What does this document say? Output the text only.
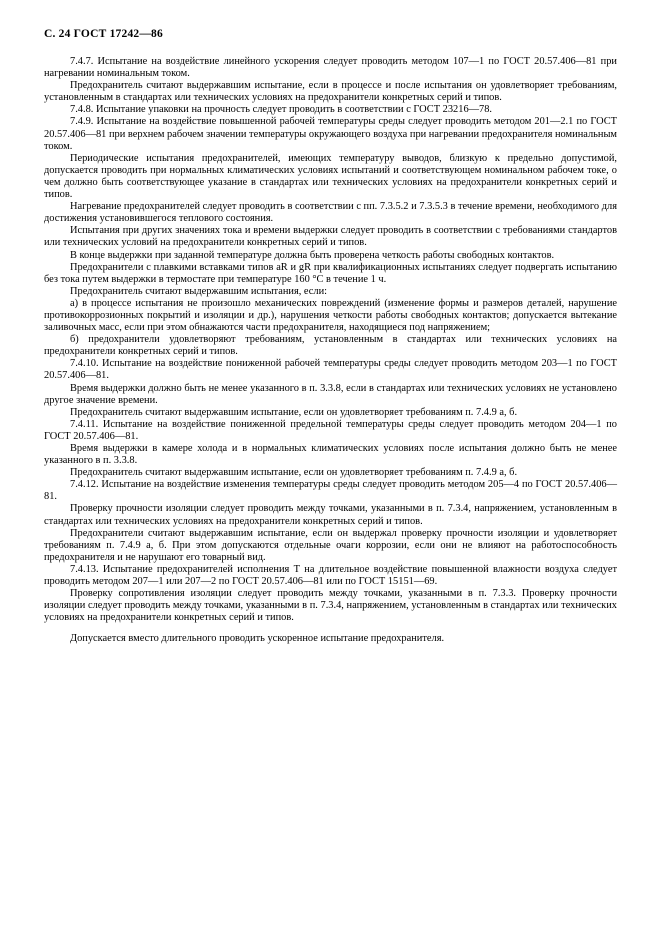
С. 24 ГОСТ 17242—86

7.4.7. Испытание на воздействие линейного ускорения следует проводить методом 107—1 по ГОСТ 20.57.406—81 при нагревании номинальным током.

Предохранитель считают выдержавшим испытание, если в процессе и после испытания он удовлетворяет требованиям, установленным в стандартах или технических условиях на предохранители конкретных серий и типов.

7.4.8. Испытание упаковки на прочность следует проводить в соответствии с ГОСТ 23216—78.

7.4.9. Испытание на воздействие повышенной рабочей температуры среды следует проводить методом 201—2.1 по ГОСТ 20.57.406—81 при верхнем рабочем значении температуры окружающего воздуха при нагревании предохранителя номинальным током.

Периодические испытания предохранителей, имеющих температуру выводов, близкую к предельно допустимой, допускается проводить при нормальных климатических условиях испытаний и соответствующем номинальном рабочем токе, о чем должно быть соответствующее указание в стандартах или технических условиях на предохранители конкретных серий и типов.

Нагревание предохранителей следует проводить в соответствии с пп. 7.3.5.2 и 7.3.5.3 в течение времени, необходимого для достижения установившегося теплового состояния.

Испытания при других значениях тока и времени выдержки следует проводить в соответствии с требованиями стандартов или технических условий на предохранители конкретных серий и типов.

В конце выдержки при заданной температуре должна быть проверена четкость работы свободных контактов.

Предохранители с плавкими вставками типов аR и gR при квалификационных испытаниях следует подвергать испытанию без тока путем выдержки в термостате при температуре 160 °С в течение 1 ч.

Предохранитель считают выдержавшим испытания, если:

а) в процессе испытания не произошло механических повреждений (изменение формы и размеров деталей, нарушение противокоррозионных покрытий и изоляции и др.), нарушения четкости работы свободных контактов; допускается вытекание заливочных масс, если при этом обнажаются части предохранителя, находящиеся под напряжением;

б) предохранители удовлетворяют требованиям, установленным в стандартах или технических условиях на предохранители конкретных серий и типов.

7.4.10. Испытание на воздействие пониженной рабочей температуры среды следует проводить методом 203—1 по ГОСТ 20.57.406—81.

Время выдержки должно быть не менее указанного в п. 3.3.8, если в стандартах или технических условиях не установлено другое значение времени.

Предохранитель считают выдержавшим испытание, если он удовлетворяет требованиям п. 7.4.9 а, б.

7.4.11. Испытание на воздействие пониженной предельной температуры среды следует проводить методом 204—1 по ГОСТ 20.57.406—81.

Время выдержки в камере холода и в нормальных климатических условиях после испытания должно быть не менее указанного в п. 3.3.8.

Предохранитель считают выдержавшим испытание, если он удовлетворяет требованиям п. 7.4.9 а, б.

7.4.12. Испытание на воздействие изменения температуры среды следует проводить методом 205—4 по ГОСТ 20.57.406—81.

Проверку прочности изоляции следует проводить между точками, указанными в п. 7.3.4, напряжением, установленным в стандартах или технических условиях на предохранители конкретных серий и типов.

Предохранители считают выдержавшим испытание, если он выдержал проверку прочности изоляции и удовлетворяет требованиям п. 7.4.9 а, б. При этом допускаются отдельные очаги коррозии, если они не влияют на работоспособность предохранителя и не нарушают его товарный вид.

7.4.13. Испытание предохранителей исполнения Т на длительное воздействие повышенной влажности воздуха следует проводить методом 207—1 или 207—2 по ГОСТ 20.57.406—81 или по ГОСТ 15151—69.

Проверку сопротивления изоляции следует проводить между точками, указанными в п. 7.3.3. Проверку прочности изоляции следует проводить между точками, указанными в п. 7.3.4, напряжением, установленным в стандартах или технических условиях на предохранители конкретных серий и типов.

Допускается вместо длительного проводить ускоренное испытание предохранителя.
